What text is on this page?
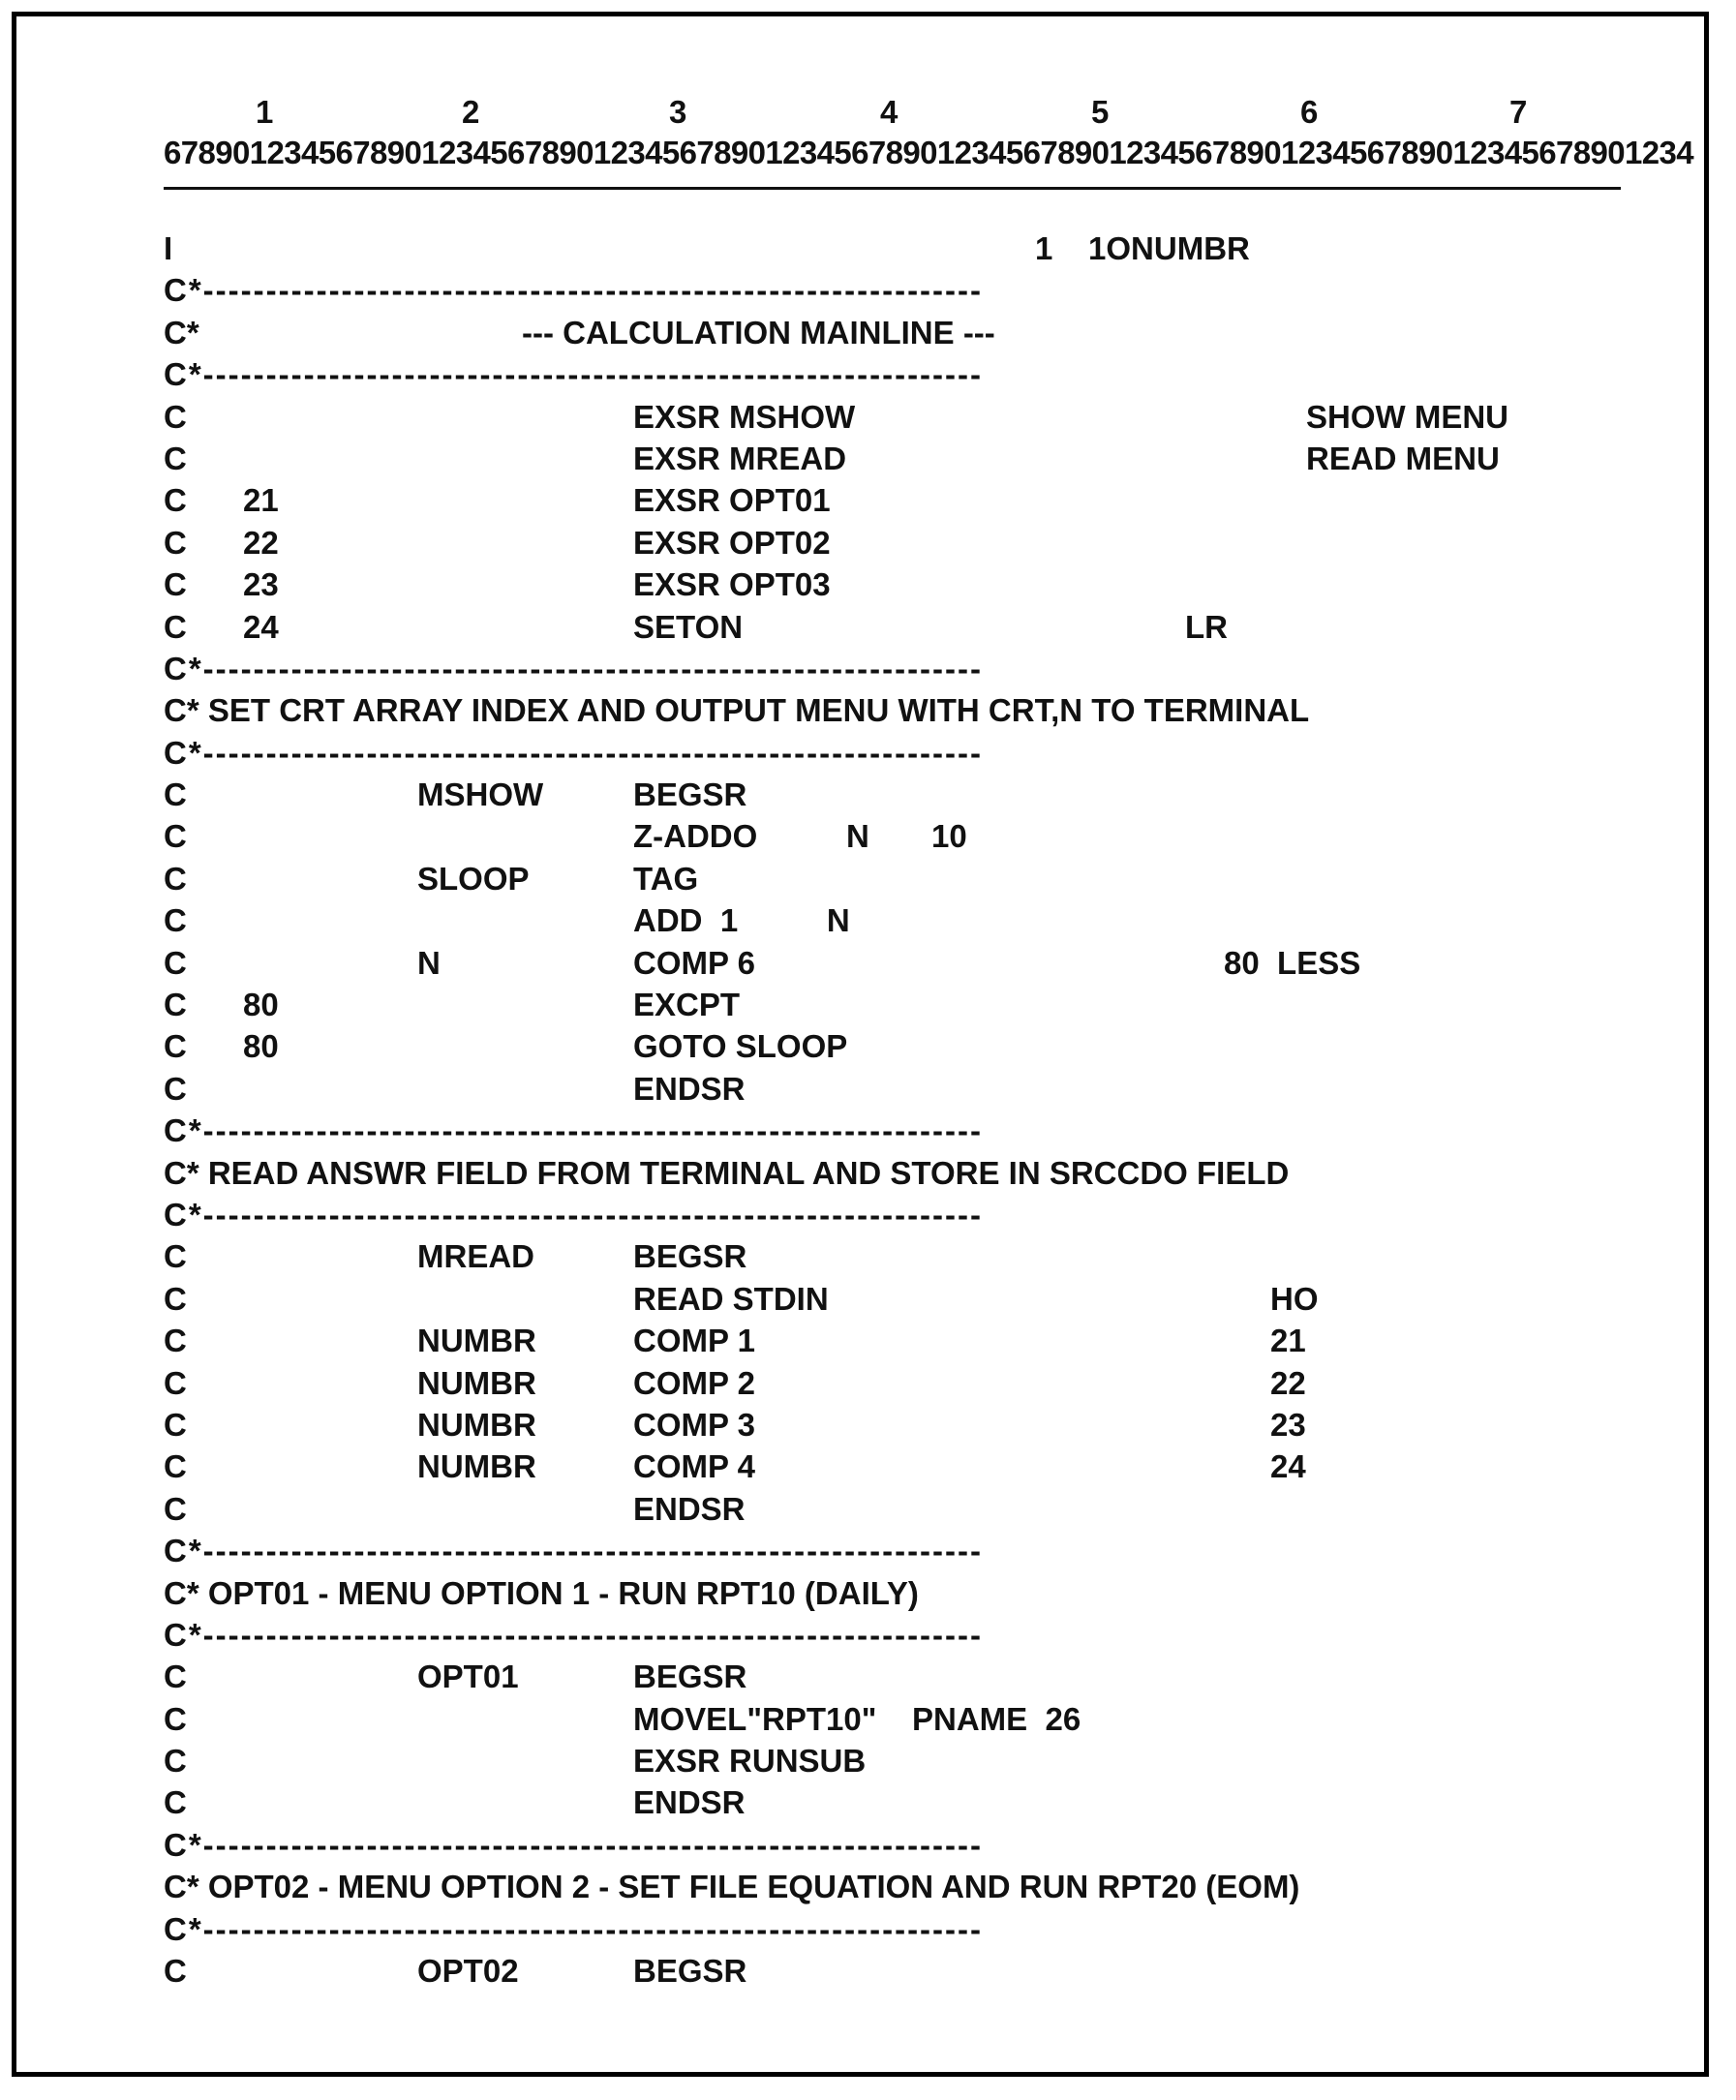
1	2	3	4	5	6	7
67890123456789012345678901234567890123456789012345678901234567890123456789012345678901234
I	1    1ONUMBR
C*--------------------------------------------------------------
C*	--- CALCULATION MAINLINE ---
C*--------------------------------------------------------------
C	EXSR MSHOW	SHOW MENU
C	EXSR MREAD	READ MENU
C 21	EXSR OPT01
C 22	EXSR OPT02
C 23	EXSR OPT03
C 24	SETON	LR
C*--------------------------------------------------------------
C* SET CRT ARRAY INDEX AND OUTPUT MENU WITH CRT,N TO TERMINAL
C*--------------------------------------------------------------
C	MSHOW	BEGSR
C	Z-ADDO          N       10
C	SLOOP	TAG
C	ADD  1          N
C	N	COMP 6	80  LESS
C 80	EXCPT
C 80	GOTO SLOOP
C	ENDSR
C*--------------------------------------------------------------
C* READ ANSWR FIELD FROM TERMINAL AND STORE IN SRCCDO FIELD
C*--------------------------------------------------------------
C	MREAD	BEGSR
C	READ STDIN	HO
C	NUMBR	COMP 1	21
C	NUMBR	COMP 2	22
C	NUMBR	COMP 3	23
C	NUMBR	COMP 4	24
C	ENDSR
C*--------------------------------------------------------------
C* OPT01 - MENU OPTION 1 - RUN RPT10 (DAILY)
C*--------------------------------------------------------------
C	OPT01	BEGSR
C	MOVEL"RPT10"    PNAME  26
C	EXSR RUNSUB
C	ENDSR
C*--------------------------------------------------------------
C* OPT02 - MENU OPTION 2 - SET FILE EQUATION AND RUN RPT20 (EOM)
C*--------------------------------------------------------------
C	OPT02	BEGSR
